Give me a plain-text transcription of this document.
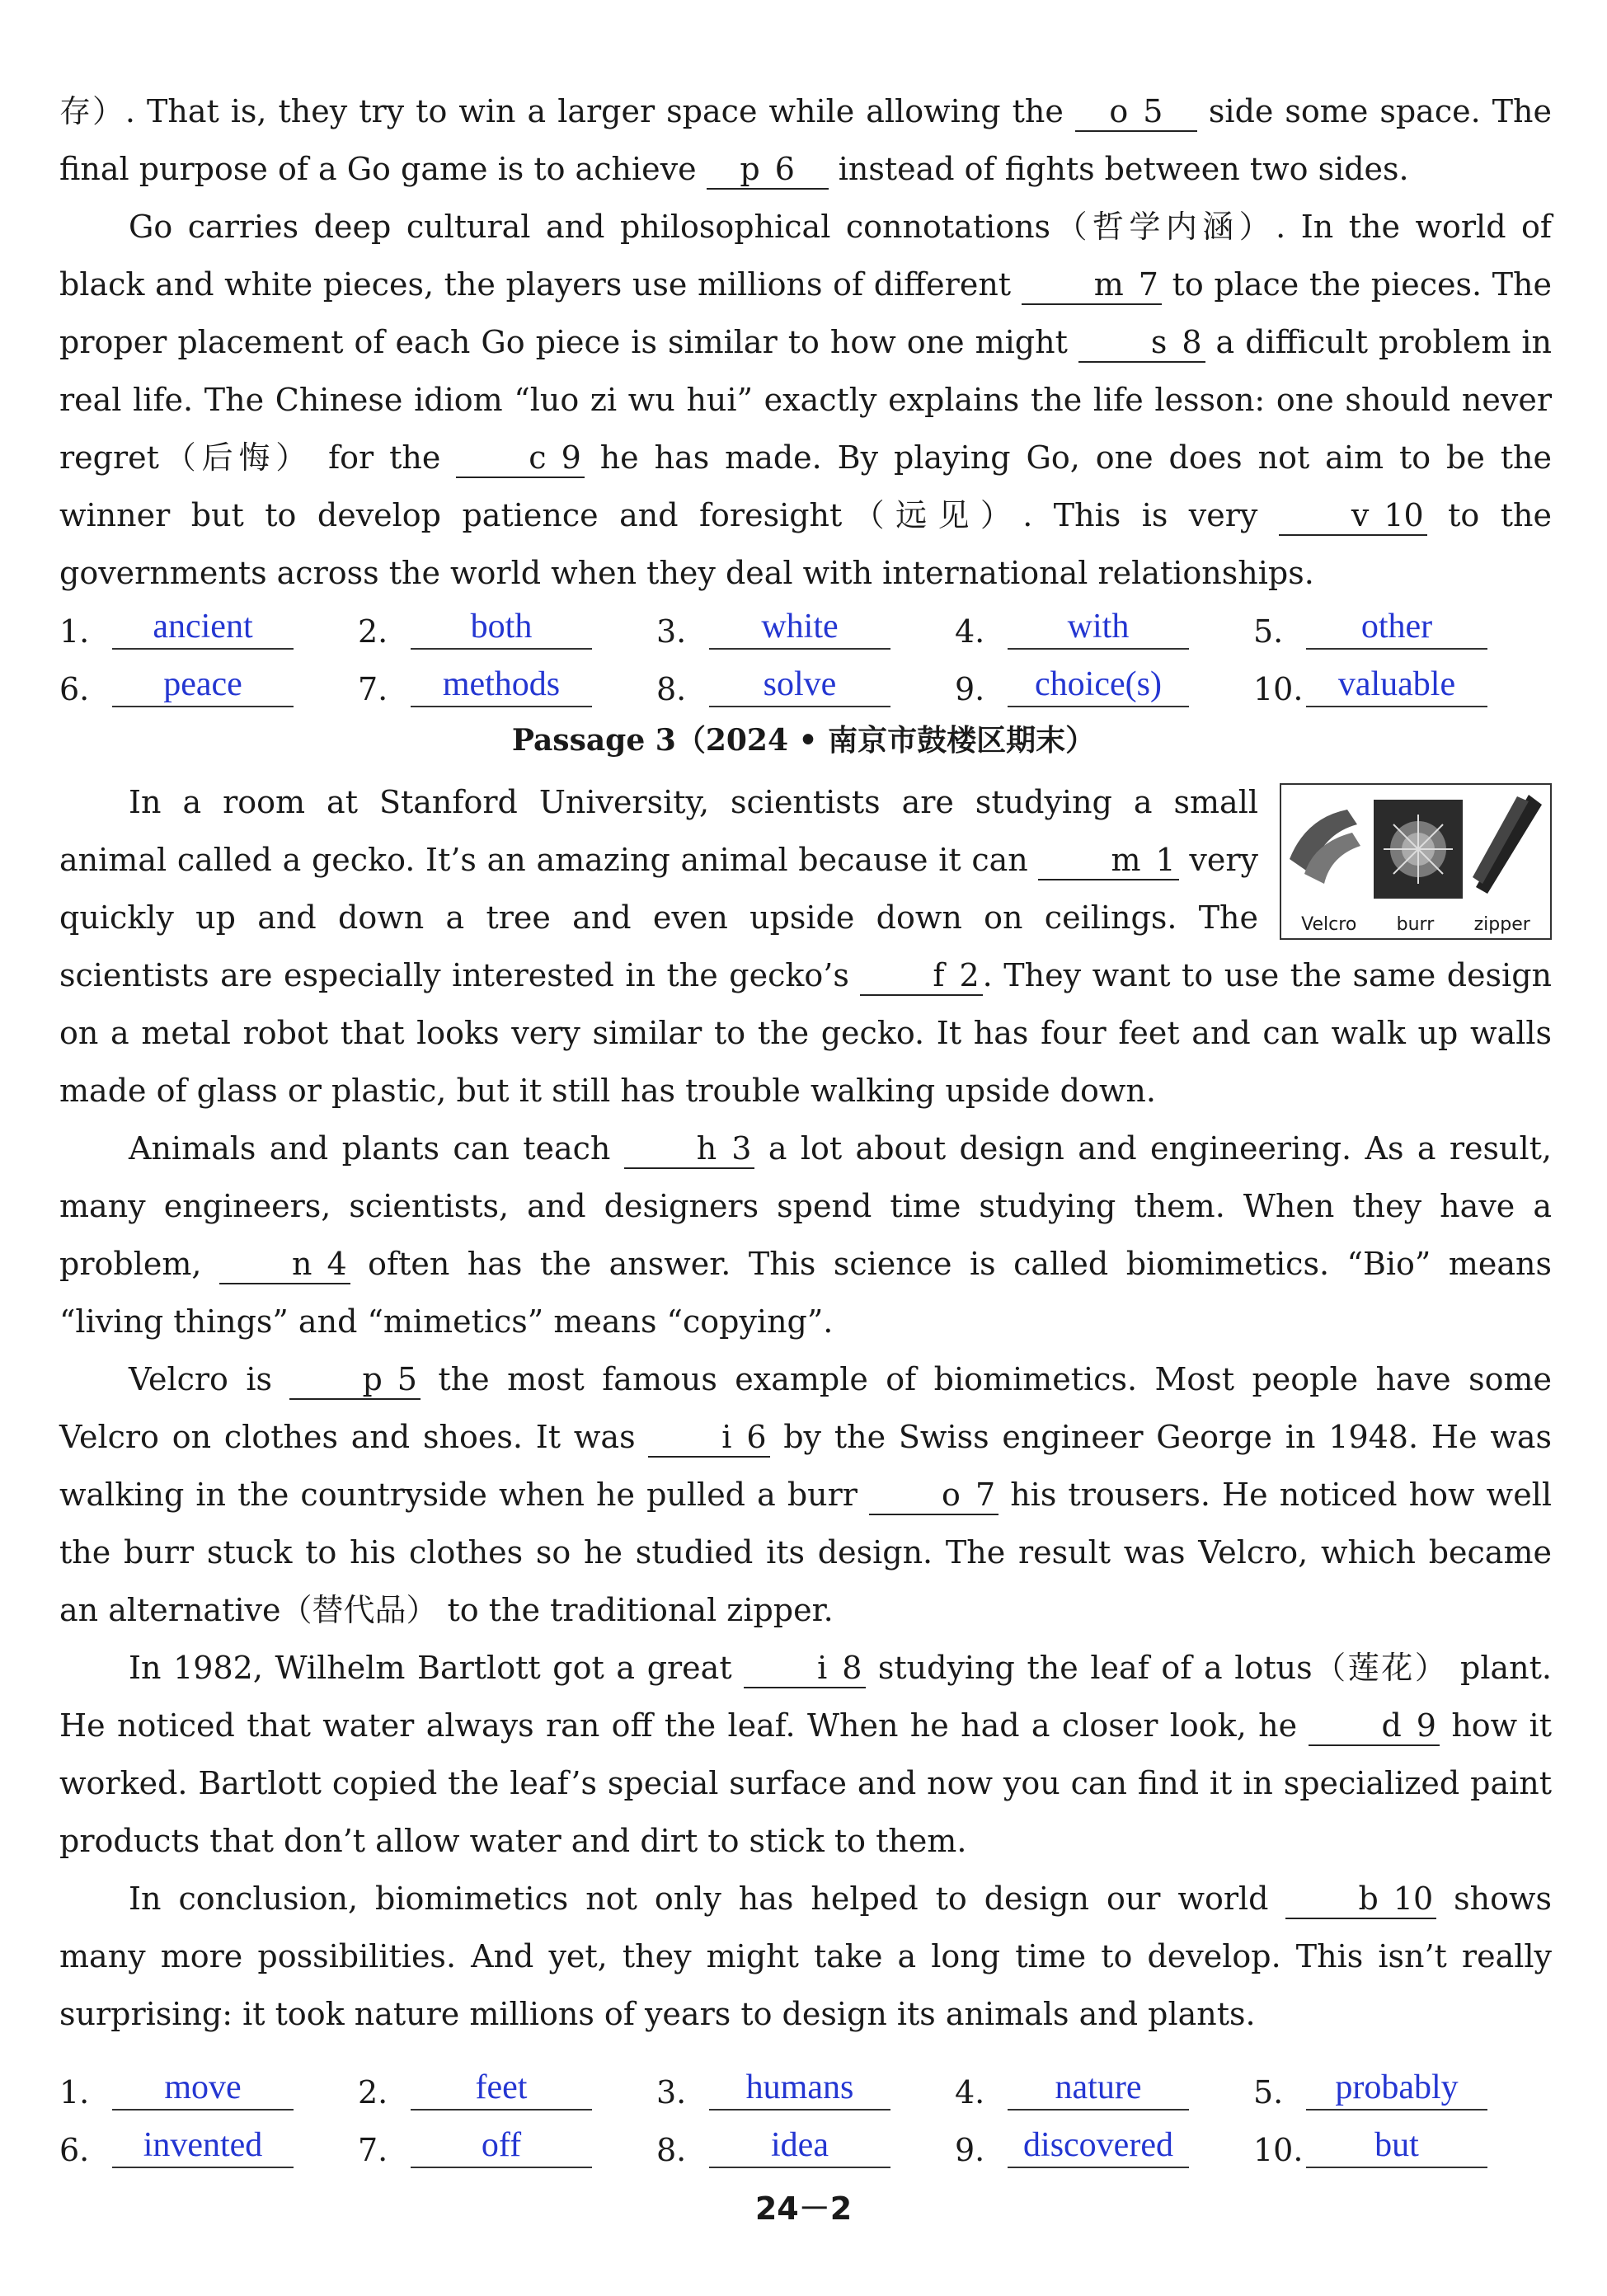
存）. That is, they try to win a larger space while allowing the o 5 side some space. The final purpose of a Go game is to achieve p 6 instead of fights between two sides.

Go carries deep cultural and philosophical connotations（哲学内涵）. In the world of black and white pieces, the players use millions of different m 7 to place the pieces. The proper placement of each Go piece is similar to how one might s 8 a difficult problem in real life. The Chinese idiom “luo zi wu hui” exactly explains the life lesson: one should never regret（后悔） for the c 9 he has made. By playing Go, one does not aim to be the winner but to develop patience and foresight（远见）. This is very v 10 to the governments across the world when they deal with international relationships.

1.	ancient	2.	both	3.	white	4.	with	5.	other
6.	peace	7.	methods	8.	solve	9.	choice(s)	10.	valuable
Passage 3（2024 • 南京市鼓楼区期末）
Velcro burr zipper

In a room at Stanford University, scientists are studying a small animal called a gecko. It’s an amazing animal because it can m 1 very quickly up and down a tree and even upside down on ceilings. The scientists are especially interested in the gecko’s f 2 . They want to use the same design on a metal robot that looks very similar to the gecko. It has four feet and can walk up walls made of glass or plastic, but it still has trouble walking upside down.

Animals and plants can teach h 3 a lot about design and engineering. As a result, many engineers, scientists, and designers spend time studying them. When they have a problem, n 4 often has the answer. This science is called biomimetics. “Bio” means “living things” and “mimetics” means “copying”.

Velcro is p 5 the most famous example of biomimetics. Most people have some Velcro on clothes and shoes. It was i 6 by the Swiss engineer George in 1948. He was walking in the countryside when he pulled a burr o 7 his trousers. He noticed how well the burr stuck to his clothes so he studied its design. The result was Velcro, which became an alternative（替代品） to the traditional zipper.

In 1982, Wilhelm Bartlott got a great i 8 studying the leaf of a lotus（莲花） plant. He noticed that water always ran off the leaf. When he had a closer look, he d 9 how it worked. Bartlott copied the leaf’s special surface and now you can find it in specialized paint products that don’t allow water and dirt to stick to them.

In conclusion, biomimetics not only has helped to design our world b 10 shows many more possibilities. And yet, they might take a long time to develop. This isn’t really surprising: it took nature millions of years to design its animals and plants.

1.	move	2.	feet	3.	humans	4.	nature	5.	probably
6.	invented	7.	off	8.	idea	9.	discovered	10.	but
24－2
